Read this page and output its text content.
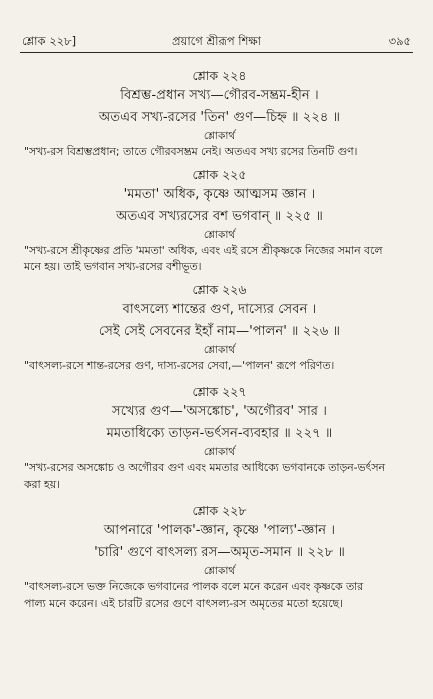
শ্লোক ২২৮]	প্রয়াগে শ্রীরূপ শিক্ষা	৩৯৫
শ্লোক ২২৪
বিশ্রম্ভ-প্রধান সখ্য—গৌরব-সম্ভ্রম-হীন ।
অতএব সখ্য-রসের 'তিন' গুণ—চিহ্ন ॥ ২২৪ ॥
শ্লোকার্থ
"সখ্য-রস বিশ্রম্ভপ্রধান; তাতে গৌরবসম্ভ্রম নেই। অতএব সখ্য রসের তিনটি গুণ।
শ্লোক ২২৫
'মমতা' অধিক, কৃষ্ণে আত্মসম জ্ঞান ।
অতএব সখ্যরসের বশ ভগবান্ ॥ ২২৫ ॥
শ্লোকার্থ
"সখ্য-রসে শ্রীকৃষ্ণের প্রতি 'মমতা' অধিক, এবং এই রসে শ্রীকৃষ্ণকে নিজের সমান বলে
মনে হয়। তাই ভগবান সখ্য-রসের বশীভূত।
শ্লোক ২২৬
বাৎসল্যে শান্তের গুণ, দাস্যের সেবন ।
সেই সেই সেবনের ইহাঁ নাম—'পালন' ॥ ২২৬ ॥
শ্লোকার্থ
"বাৎসল্য-রসে শান্ত-রসের গুণ, দাস্য-রসের সেবা,—'পালন' রূপে পরিণত।
শ্লোক ২২৭
সখ্যের গুণ—'অসঙ্কোচ', 'অগৌরব' সার ।
মমতাধিক্যে তাড়ন-ভর্ৎসন-ব্যবহার ॥ ২২৭ ॥
শ্লোকার্থ
"সখ্য-রসের অসঙ্কোচ ও অগৌরব গুণ এবং মমতার আধিক্যে ভগবানকে তাড়ন-ভর্ৎসন
করা হয়।
শ্লোক ২২৮
আপনারে 'পালক'-জ্ঞান, কৃষ্ণে 'পাল্য'-জ্ঞান ।
'চারি' গুণে বাৎসল্য রস—অমৃত-সমান ॥ ২২৮ ॥
শ্লোকার্থ
"বাৎসল্য-রসে ভক্ত নিজেকে ভগবানের পালক বলে মনে করেন এবং কৃষ্ণকে তার
পাল্য মনে করেন। এই চারটি রসের গুণে বাৎসল্য-রস অমৃতের মতো হয়েছে।
